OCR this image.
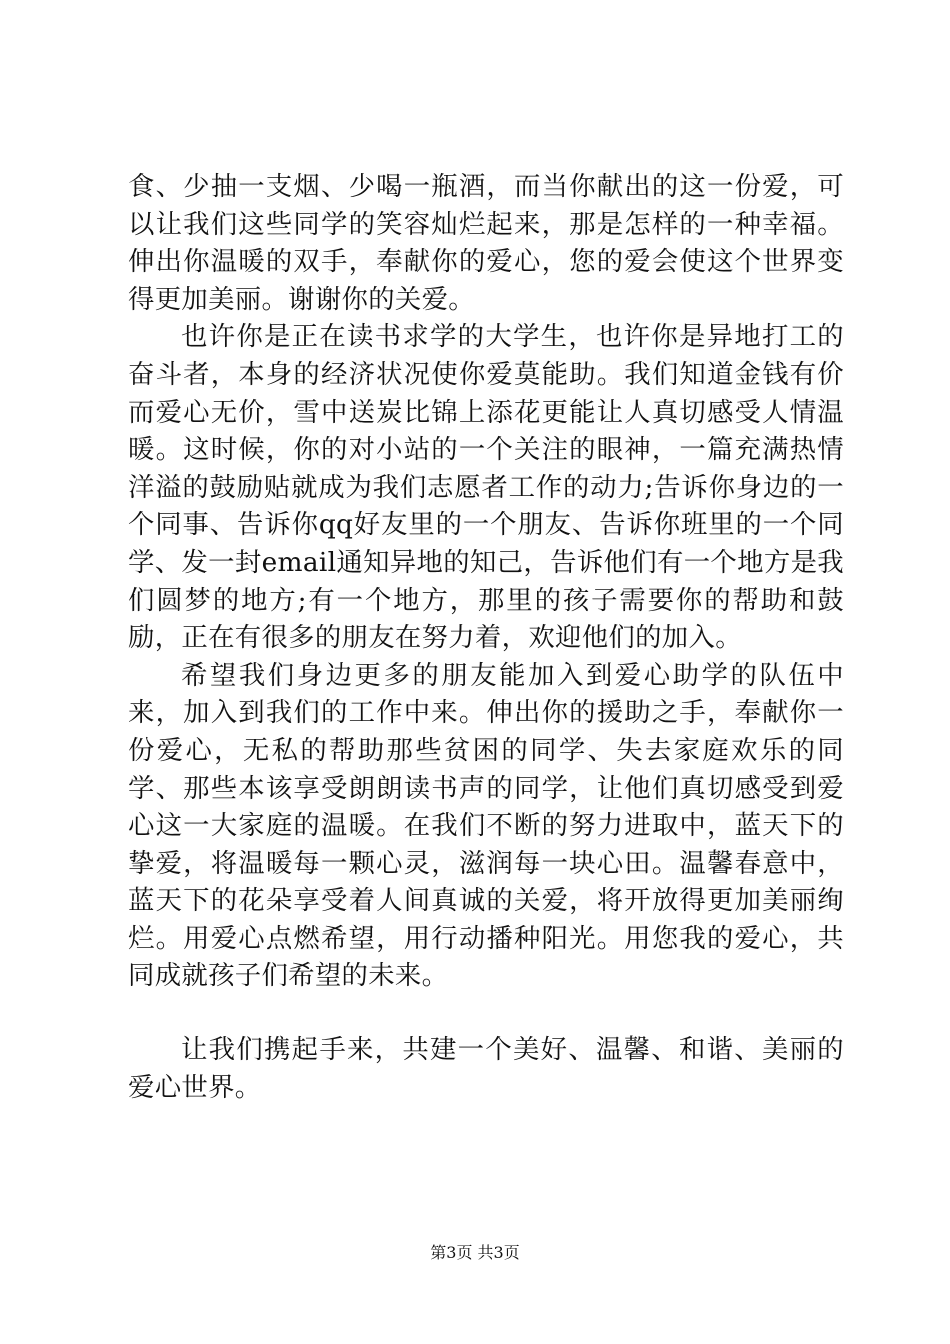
食、少抽一支烟、少喝一瓶酒，而当你献出的这一份爱，可以让我们这些同学的笑容灿烂起来，那是怎样的一种幸福。伸出你温暖的双手，奉献你的爱心，您的爱会使这个世界变得更加美丽。谢谢你的关爱。

也许你是正在读书求学的大学生，也许你是异地打工的奋斗者，本身的经济状况使你爱莫能助。我们知道金钱有价而爱心无价，雪中送炭比锦上添花更能让人真切感受人情温暖。这时候，你的对小站的一个关注的眼神，一篇充满热情洋溢的鼓励贴就成为我们志愿者工作的动力;告诉你身边的一个同事、告诉你qq好友里的一个朋友、告诉你班里的一个同学、发一封email通知异地的知己，告诉他们有一个地方是我们圆梦的地方;有一个地方，那里的孩子需要你的帮助和鼓励，正在有很多的朋友在努力着，欢迎他们的加入。

希望我们身边更多的朋友能加入到爱心助学的队伍中来，加入到我们的工作中来。伸出你的援助之手，奉献你一份爱心，无私的帮助那些贫困的同学、失去家庭欢乐的同学、那些本该享受朗朗读书声的同学，让他们真切感受到爱心这一大家庭的温暖。在我们不断的努力进取中，蓝天下的挚爱，将温暖每一颗心灵，滋润每一块心田。温馨春意中，蓝天下的花朵享受着人间真诚的关爱，将开放得更加美丽绚烂。用爱心点燃希望，用行动播种阳光。用您我的爱心，共同成就孩子们希望的未来。

让我们携起手来，共建一个美好、温馨、和谐、美丽的爱心世界。

第3页 共3页
